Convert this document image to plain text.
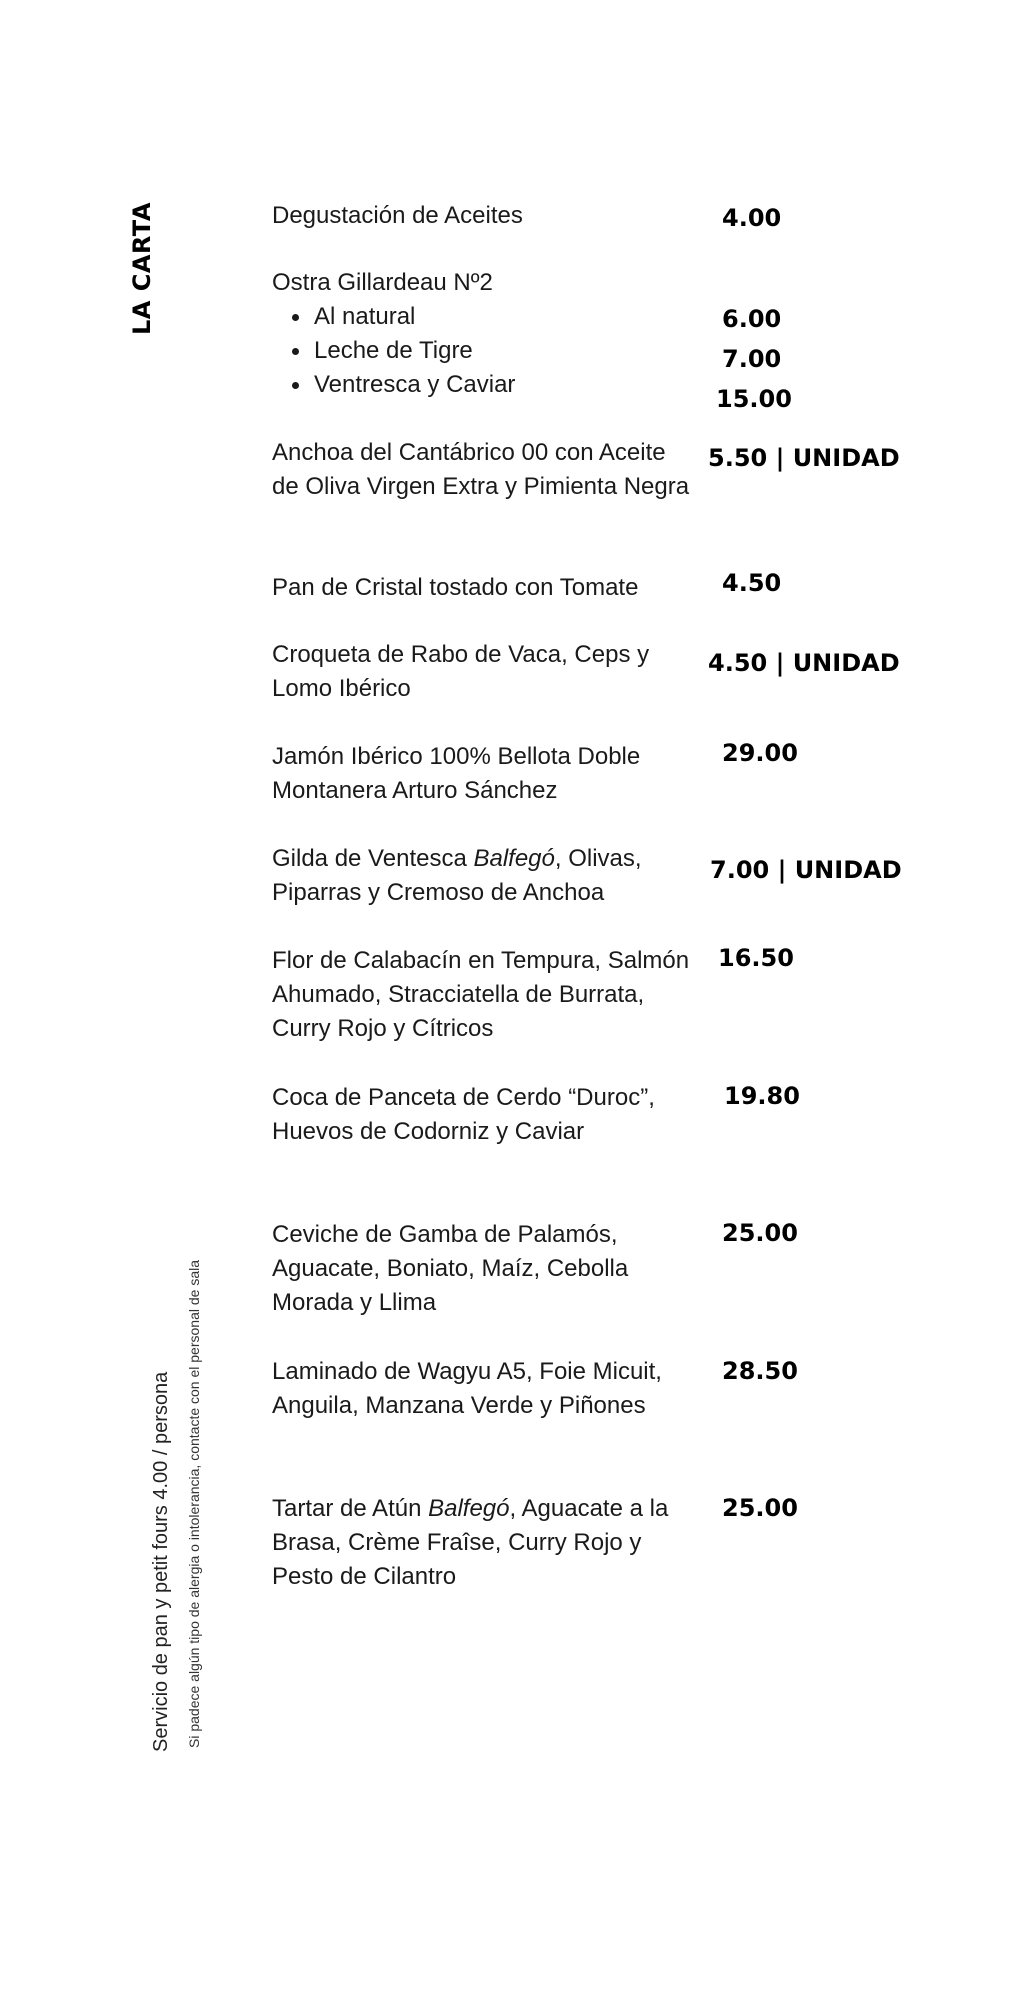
LA CARTA
Servicio de pan y petit fours 4.00 / persona Si padece algún tipo de alergia o intolerancia, contacte con el personal de sala
Degustación de Aceites	4.00
Ostra Gillardeau Nº2
Al natural
Leche de Tigre
Ventresca y Caviar
6.00
7.00
15.00
Anchoa del Cantábrico 00 con Aceite de Oliva Virgen Extra y Pimienta Negra
5.50 | UNIDAD
Pan de Cristal tostado con Tomate	4.50
Croqueta de Rabo de Vaca, Ceps y Lomo Ibérico
4.50 | UNIDAD
Jamón Ibérico 100% Bellota Doble Montanera Arturo Sánchez
29.00
Gilda de Ventesca Balfegó, Olivas, Piparras y Cremoso de Anchoa
7.00 | UNIDAD
Flor de Calabacín en Tempura, Salmón Ahumado, Stracciatella de Burrata, Curry Rojo y Cítricos
16.50
Coca de Panceta de Cerdo “Duroc”, Huevos de Codorniz y Caviar
19.80
Ceviche de Gamba de Palamós, Aguacate, Boniato, Maíz, Cebolla Morada y Llima
25.00
Laminado de Wagyu A5, Foie Micuit, Anguila, Manzana Verde y Piñones
28.50
Tartar de Atún Balfegó, Aguacate a la Brasa, Crème Fraîse, Curry Rojo y Pesto de Cilantro
25.00
